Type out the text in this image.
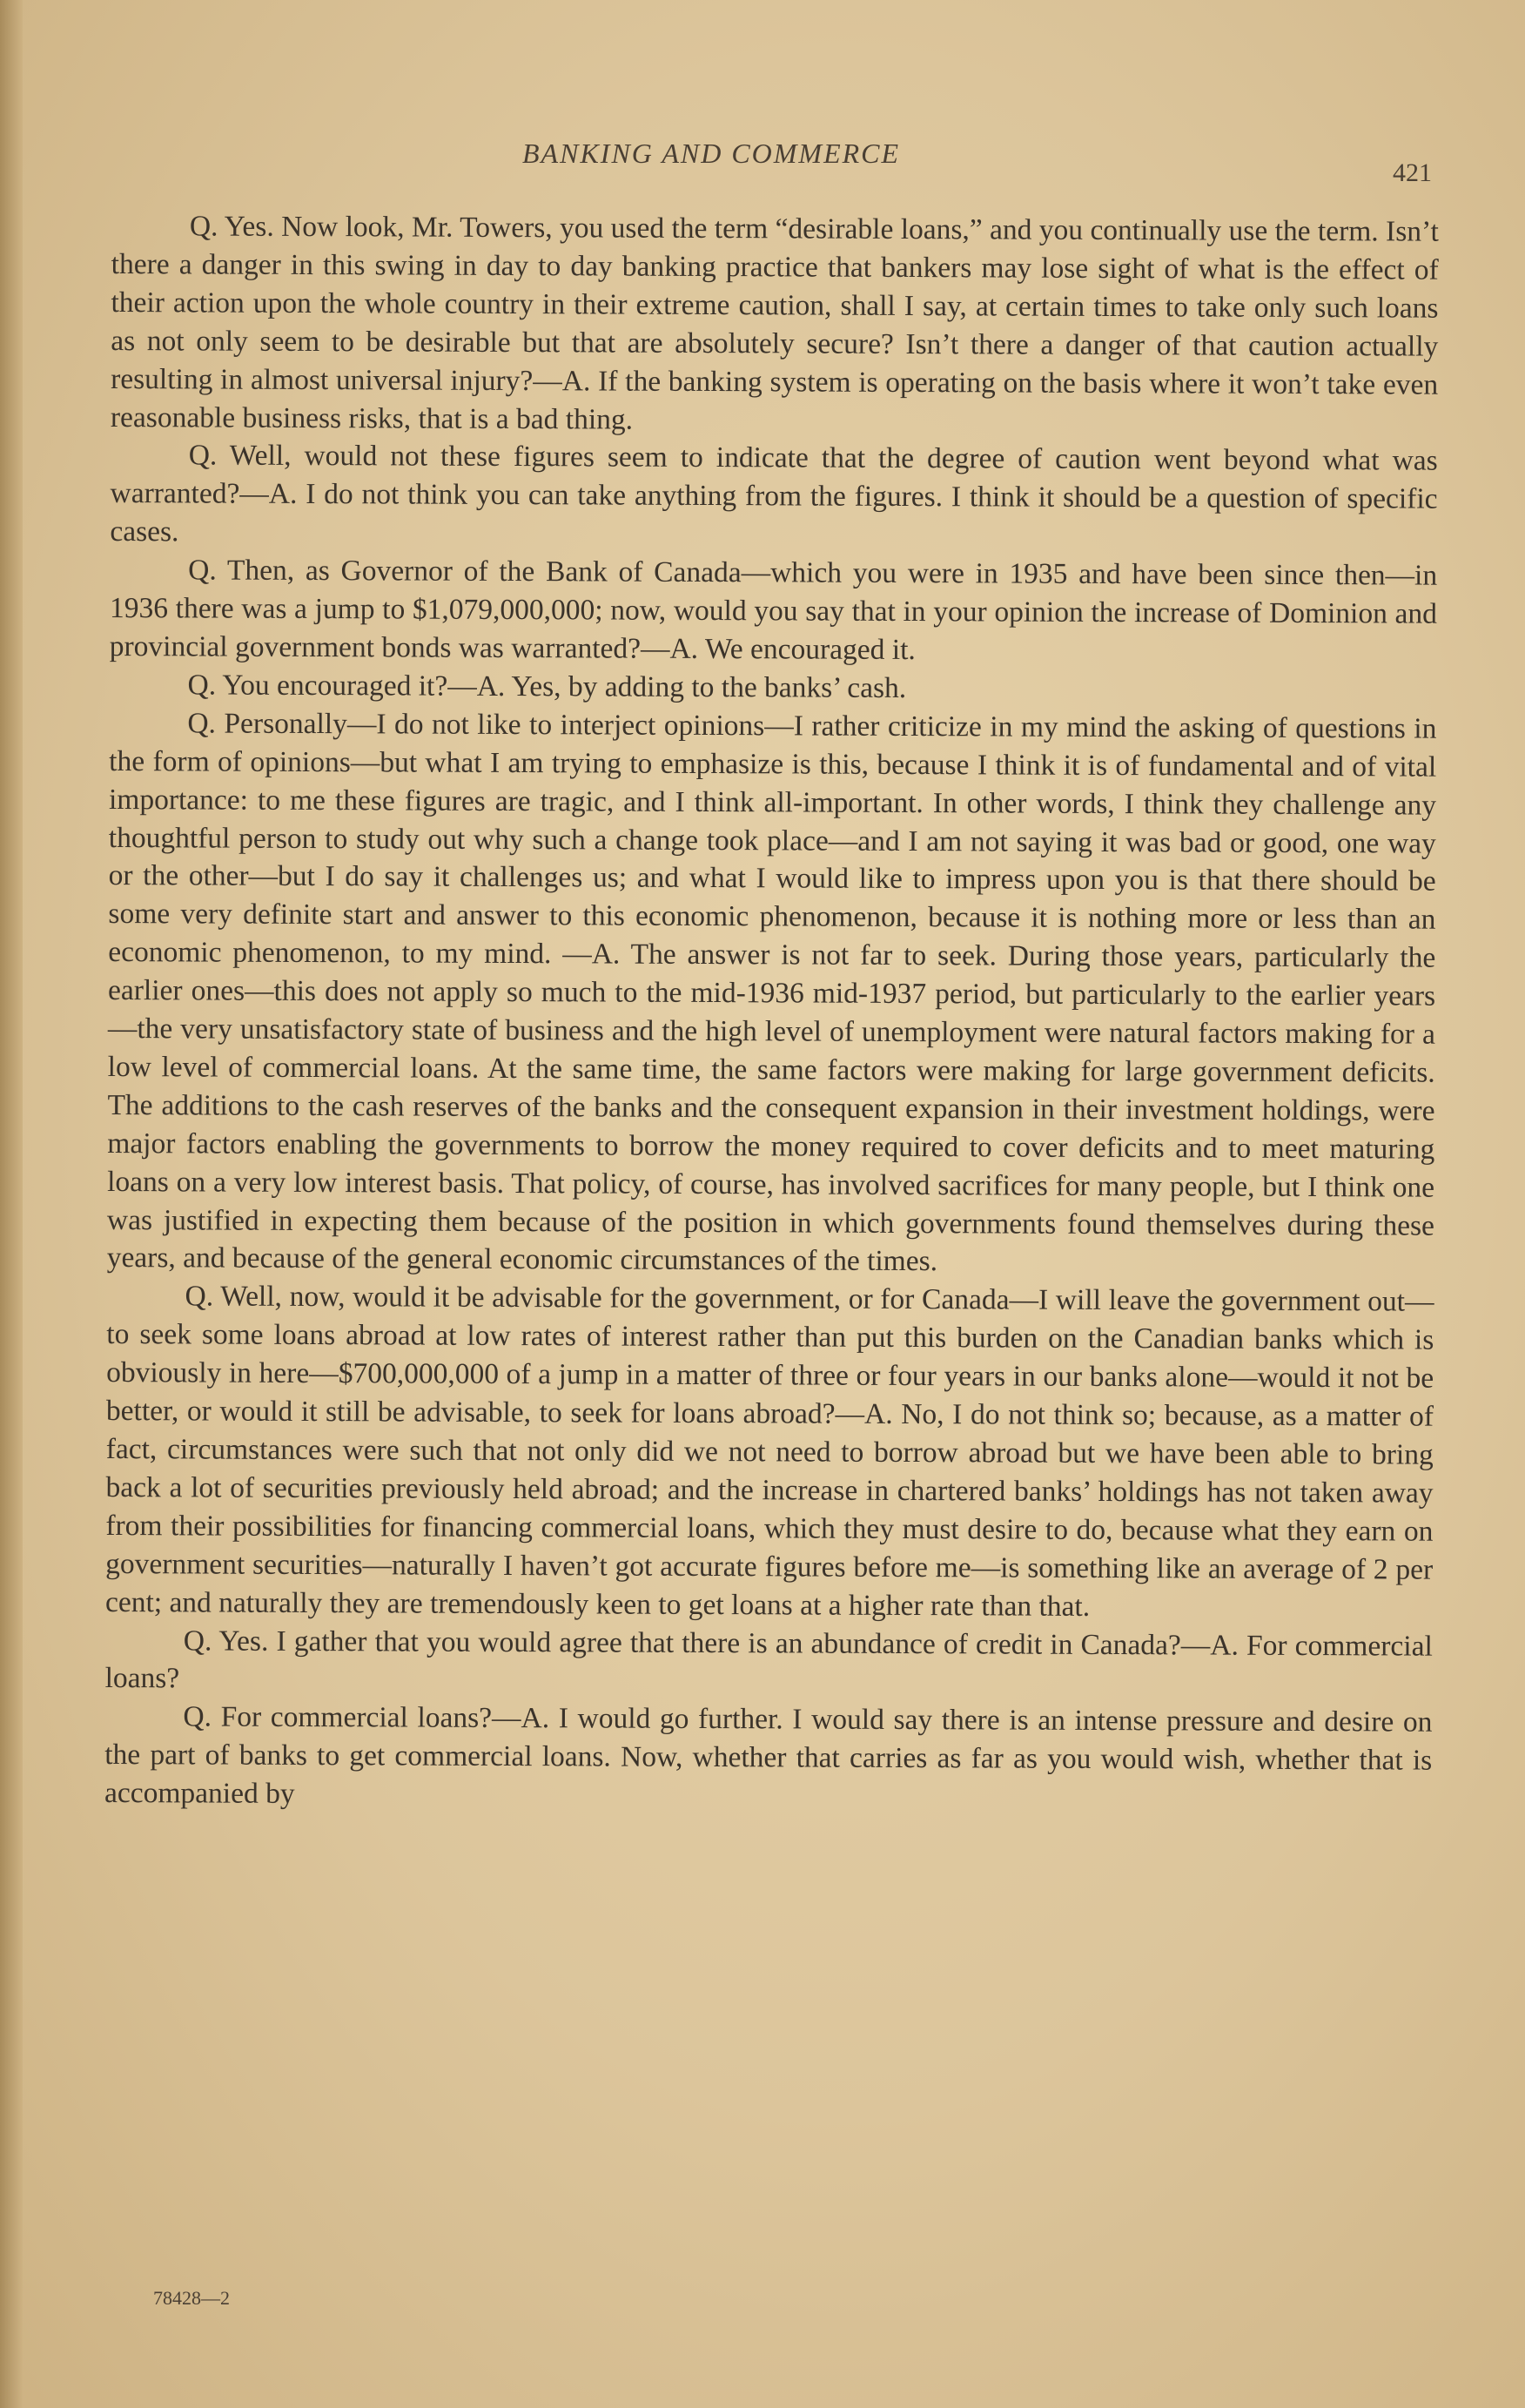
BANKING AND COMMERCE
421

Q. Yes. Now look, Mr. Towers, you used the term “desirable loans,” and you continually use the term. Isn’t there a danger in this swing in day to day banking practice that bankers may lose sight of what is the effect of their action upon the whole country in their extreme caution, shall I say, at certain times to take only such loans as not only seem to be desirable but that are absolutely secure? Isn’t there a danger of that caution actually resulting in almost universal injury?—A. If the banking system is operating on the basis where it won’t take even reasonable business risks, that is a bad thing.

Q. Well, would not these figures seem to indicate that the degree of caution went beyond what was warranted?—A. I do not think you can take anything from the figures. I think it should be a question of specific cases.

Q. Then, as Governor of the Bank of Canada—which you were in 1935 and have been since then—in 1936 there was a jump to $1,079,000,000; now, would you say that in your opinion the increase of Dominion and provincial government bonds was warranted?—A. We encouraged it.

Q. You encouraged it?—A. Yes, by adding to the banks’ cash.

Q. Personally—I do not like to interject opinions—I rather criticize in my mind the asking of questions in the form of opinions—but what I am trying to emphasize is this, because I think it is of fundamental and of vital importance: to me these figures are tragic, and I think all-important. In other words, I think they challenge any thoughtful person to study out why such a change took place—and I am not saying it was bad or good, one way or the other—but I do say it challenges us; and what I would like to impress upon you is that there should be some very definite start and answer to this economic phenomenon, because it is nothing more or less than an economic phenomenon, to my mind. —A. The answer is not far to seek. During those years, particularly the earlier ones—this does not apply so much to the mid-1936 mid-1937 period, but particularly to the earlier years—the very unsatisfactory state of business and the high level of unemployment were natural factors making for a low level of commercial loans. At the same time, the same factors were making for large government deficits. The additions to the cash reserves of the banks and the consequent expansion in their investment holdings, were major factors enabling the governments to borrow the money required to cover deficits and to meet maturing loans on a very low interest basis. That policy, of course, has involved sacrifices for many people, but I think one was justified in expecting them because of the position in which governments found themselves during these years, and because of the general economic circumstances of the times.

Q. Well, now, would it be advisable for the government, or for Canada—I will leave the government out—to seek some loans abroad at low rates of interest rather than put this burden on the Canadian banks which is obviously in here—$700,000,000 of a jump in a matter of three or four years in our banks alone—would it not be better, or would it still be advisable, to seek for loans abroad?—A. No, I do not think so; because, as a matter of fact, circumstances were such that not only did we not need to borrow abroad but we have been able to bring back a lot of securities previously held abroad; and the increase in chartered banks’ holdings has not taken away from their possibilities for financing commercial loans, which they must desire to do, because what they earn on government securities—naturally I haven’t got accurate figures before me—is something like an average of 2 per cent; and naturally they are tremendously keen to get loans at a higher rate than that.

Q. Yes. I gather that you would agree that there is an abundance of credit in Canada?—A. For commercial loans?

Q. For commercial loans?—A. I would go further. I would say there is an intense pressure and desire on the part of banks to get commercial loans. Now, whether that carries as far as you would wish, whether that is accompanied by

78428—2
